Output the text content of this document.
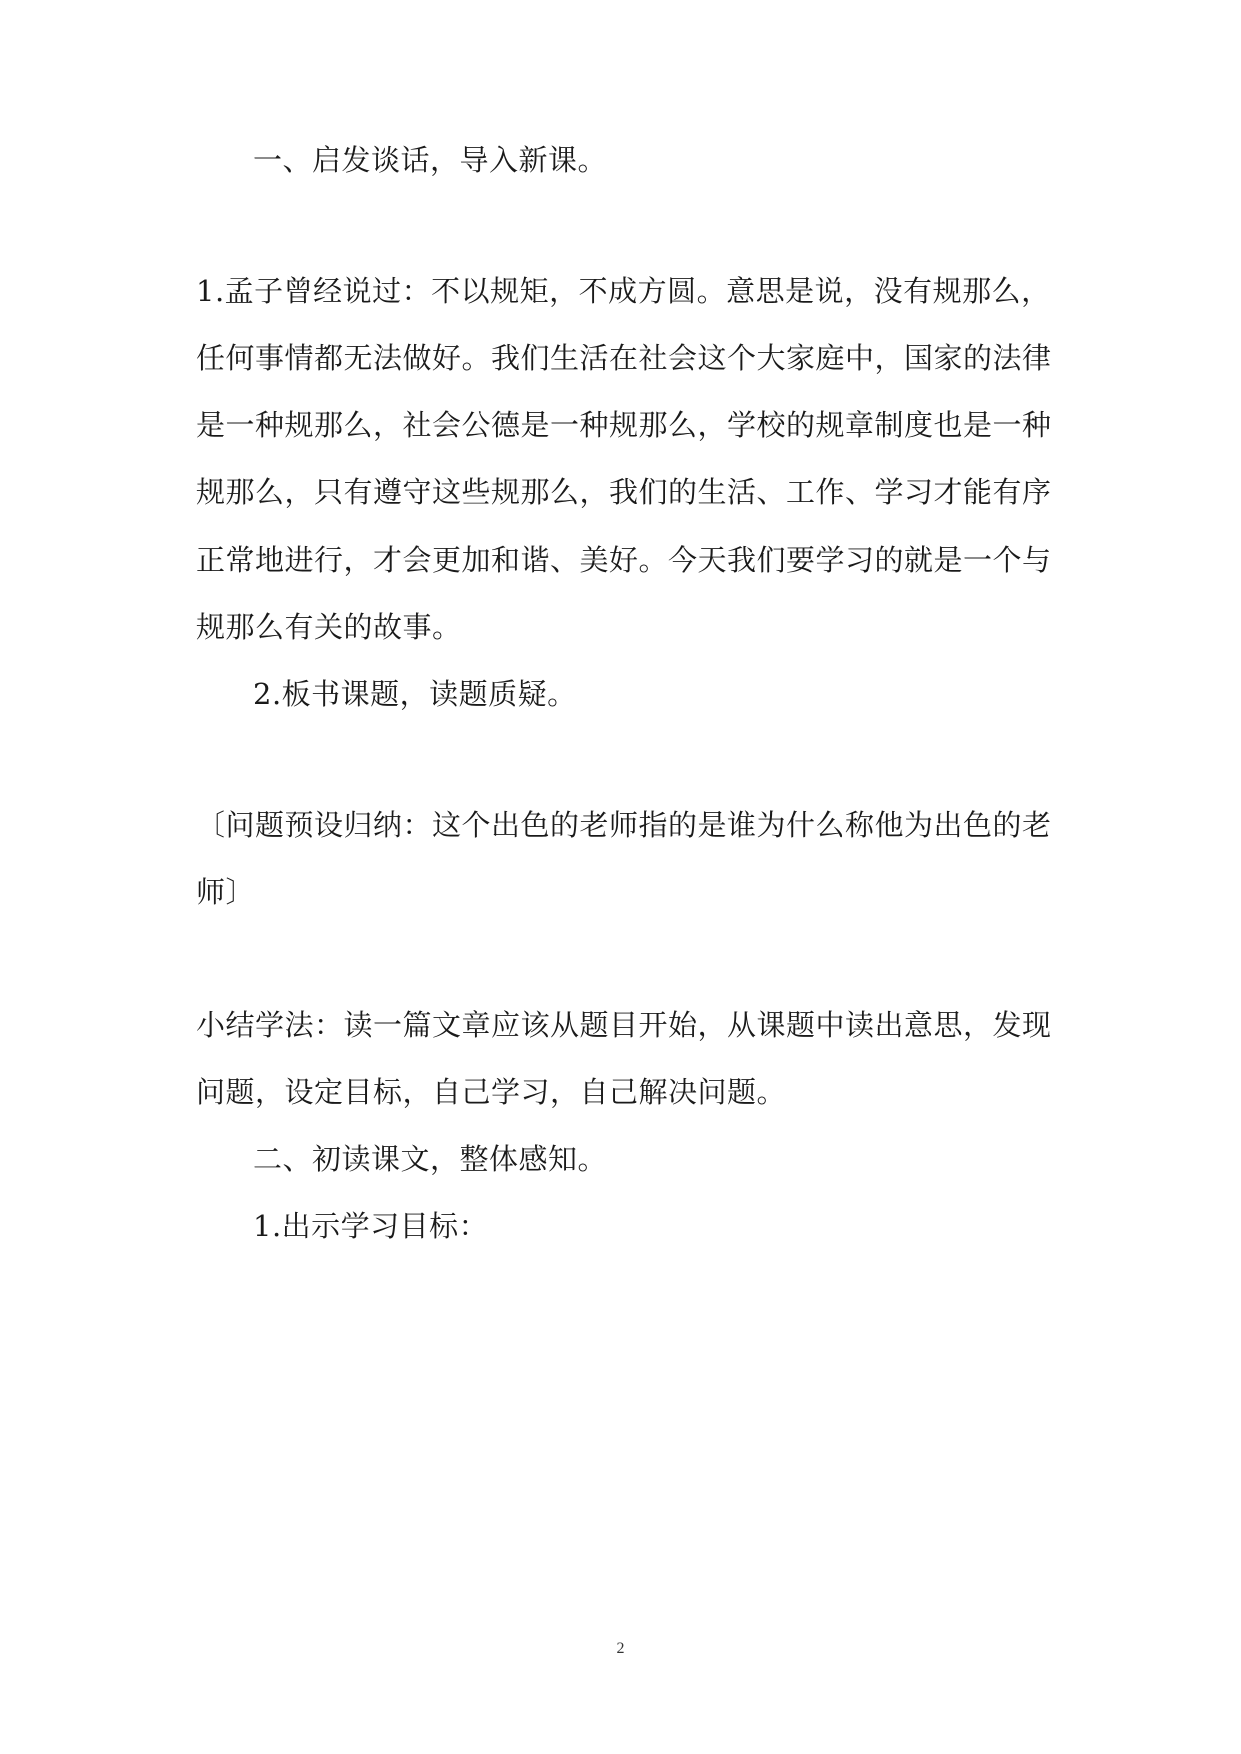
一、启发谈话，导入新课。
1.孟子曾经说过：不以规矩，不成方圆。意思是说，没有规那么，
任何事情都无法做好。我们生活在社会这个大家庭中，国家的法律
是一种规那么，社会公德是一种规那么，学校的规章制度也是一种
规那么，只有遵守这些规那么，我们的生活、工作、学习才能有序
正常地进行，才会更加和谐、美好。今天我们要学习的就是一个与
规那么有关的故事。
2.板书课题，读题质疑。
〔问题预设归纳：这个出色的老师指的是谁为什么称他为出色的老
师〕
小结学法：读一篇文章应该从题目开始，从课题中读出意思，发现
问题，设定目标，自己学习，自己解决问题。
二、初读课文，整体感知。
1.出示学习目标：
2
